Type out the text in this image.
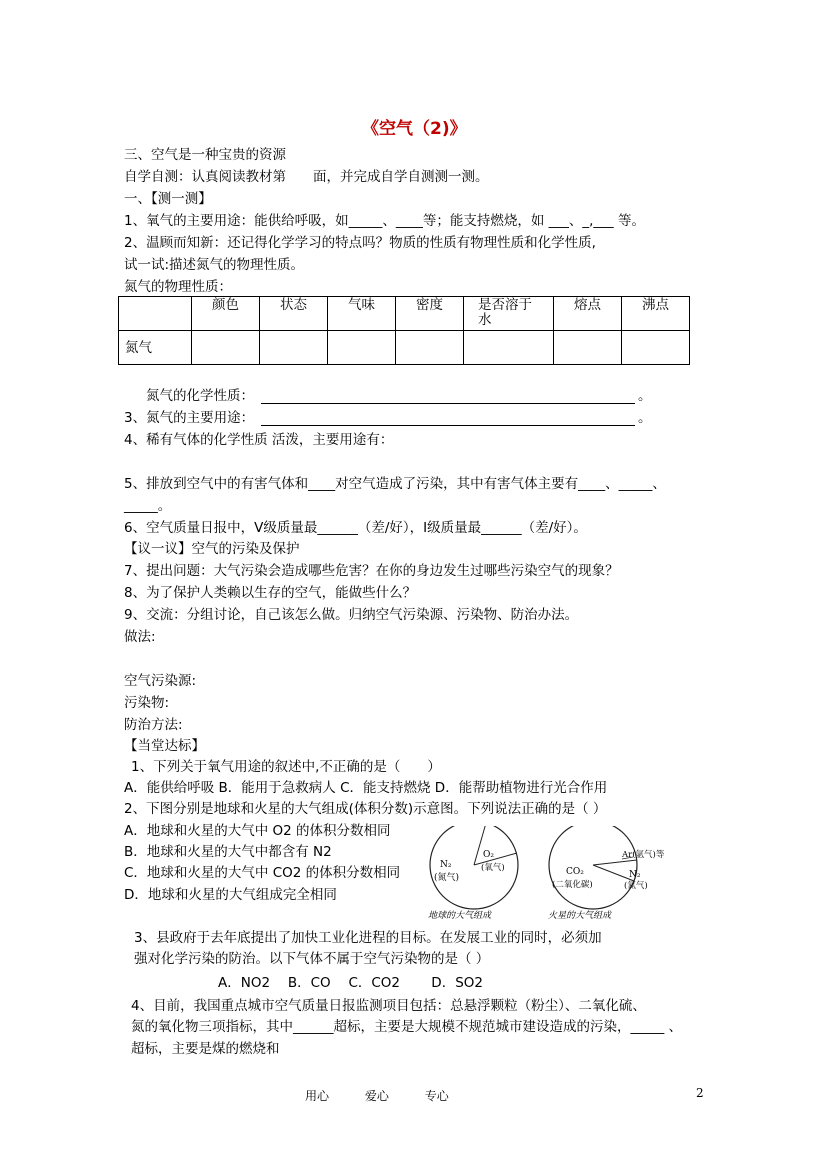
《空气（2)》
三、空气是一种宝贵的资源
自学自测：认真阅读教材第　　面，并完成自学自测测一测。
一、【测一测】
1、氧气的主要用途：能供给呼吸，如_____、____等；能支持燃烧，如 ___、_,___ 等。
2、温顾而知新：还记得化学学习的特点吗？物质的性质有物理性质和化学性质,
试一试:描述氮气的物理性质。
氮气的物理性质：
	颜色	状态	气味	密度	是否溶于水	熔点	沸点
氮气							
氮气的化学性质：	。
3、氮气的主要用途：	。
4、稀有气体的化学性质 活泼，主要用途有：
5、排放到空气中的有害气体和____对空气造成了污染，其中有害气体主要有____、_____、
_____。
6、空气质量日报中，Ⅴ级质量最______（差/好），Ⅰ级质量最______（差/好）。
【议一议】空气的污染及保护
7、提出问题：大气污染会造成哪些危害？在你的身边发生过哪些污染空气的现象？
8、为了保护人类赖以生存的空气，能做些什么？
9、交流：分组讨论，自己该怎么做。归纳空气污染源、污染物、防治办法。
做法:
空气污染源:
污染物:
防治方法:
【当堂达标】
1、下列关于氧气用途的叙述中,不正确的是（　　）
A．能供给呼吸 B．能用于急救病人 C．能支持燃烧 D．能帮助植物进行光合作用
2、下图分别是地球和火星的大气组成(体积分数)示意图。下列说法正确的是（ ）
A．地球和火星的大气中 O2 的体积分数相同
B．地球和火星的大气中都含有 N2
C．地球和火星的大气中 CO2 的体积分数相同
D．地球和火星的大气组成完全相同
N₂
(氮气)
O₂
(氧气)
地球的大气组成
CO₂
(二氧化碳)
Ar(氩气)等
N₂
(氮气)
火星的大气组成
3、县政府于去年底提出了加快工业化进程的目标。在发展工业的同时，必须加
强对化学污染的防治。以下气体不属于空气污染物的是（ ）
A．NO2　 B．CO　 C．CO2　　 D．SO2
4、目前，我国重点城市空气质量日报监测项目包括：总悬浮颗粒（粉尘）、二氧化硫、
氮的氧化物三项指标，其中______超标，主要是大规模不规范城市建设造成的污染，_____ 、
超标，主要是煤的燃烧和
用心	爱心	专心	2
